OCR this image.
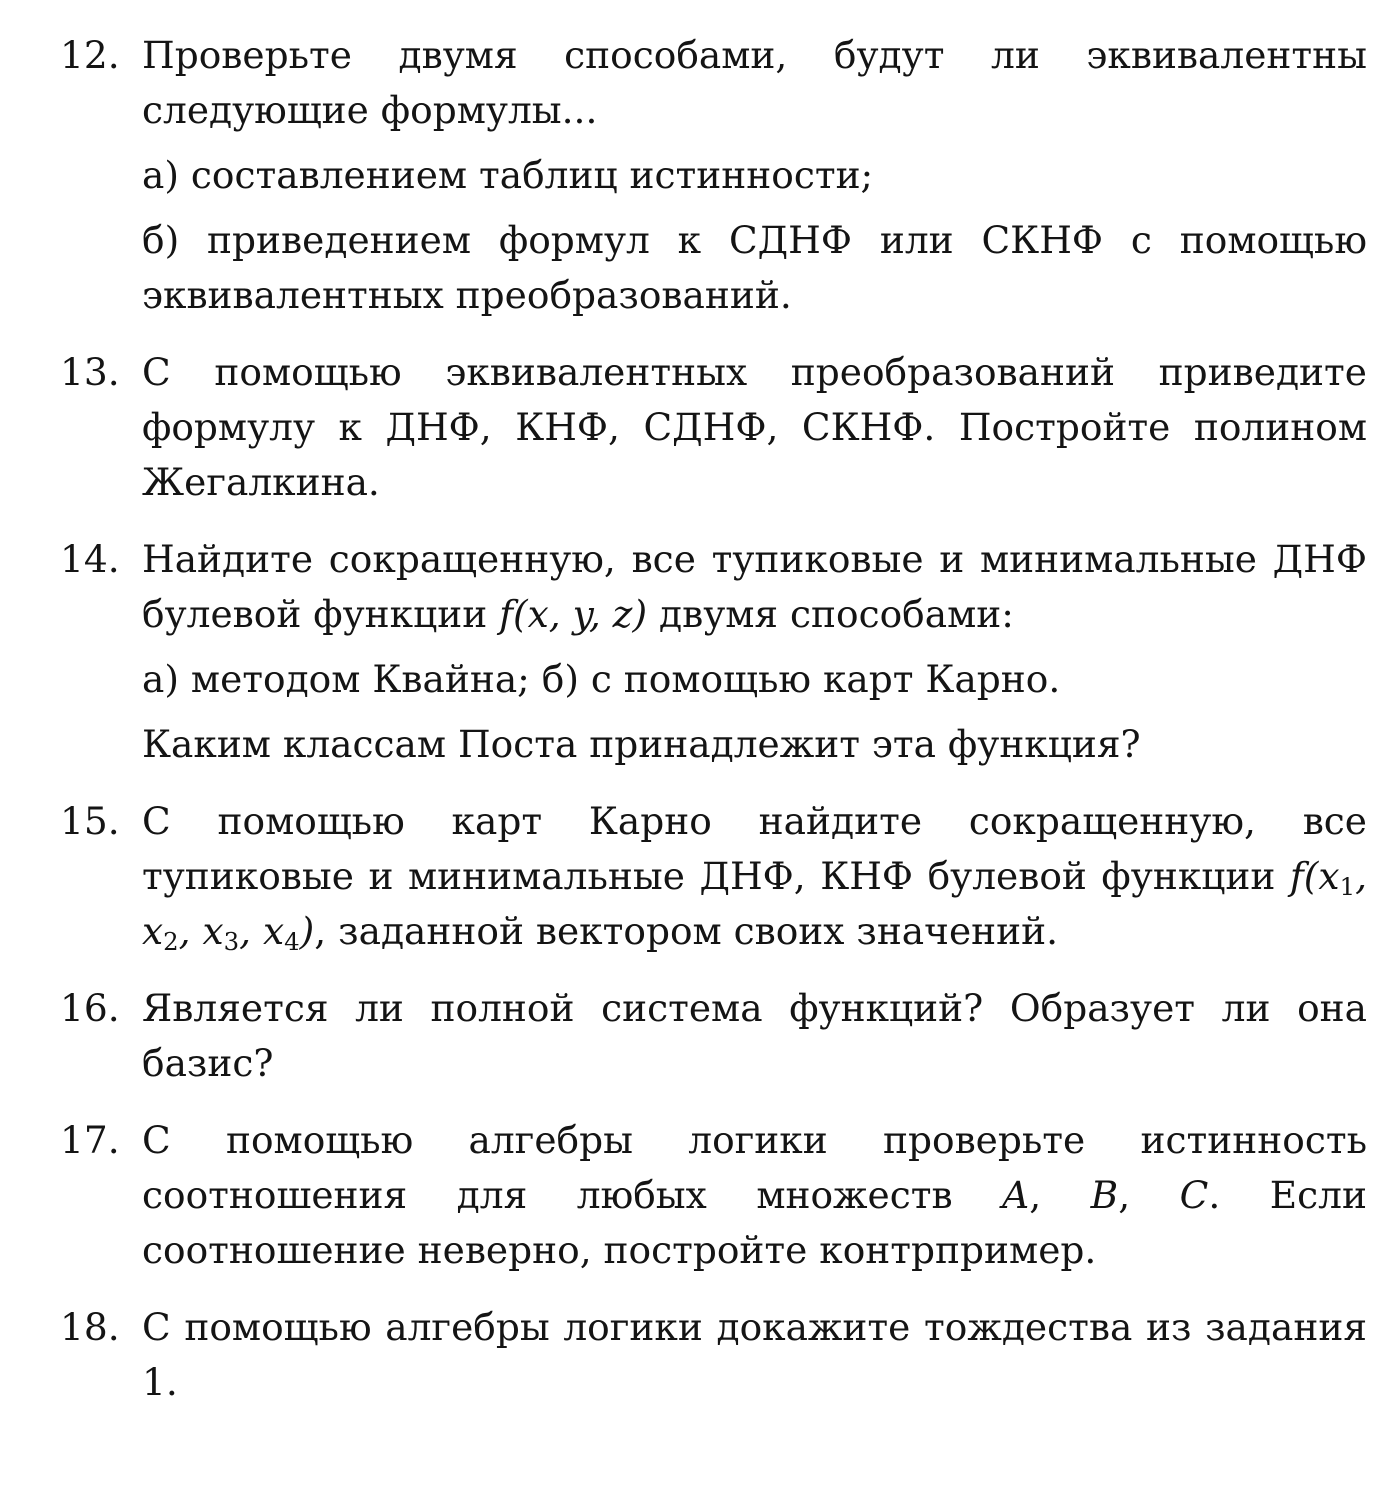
12. Проверьте двумя способами, будут ли эквивалентны следующие формулы...

а) составлением таблиц истинности;

б) приведением формул к СДНФ или СКНФ с помощью эквивалентных преобразований.

13. С помощью эквивалентных преобразований приведите формулу к ДНФ, КНФ, СДНФ, СКНФ. Постройте полином Жегалкина.

14. Найдите сокращенную, все тупиковые и минимальные ДНФ булевой функции f(x, y, z) двумя способами:

а) методом Квайна; б) с помощью карт Карно.

Каким классам Поста принадлежит эта функция?

15. С помощью карт Карно найдите сокращенную, все тупиковые и минимальные ДНФ, КНФ булевой функции $f(x_1$, $x_2$, $x_3$, $x_4$), заданной вектором своих значений.

16. Является ли полной система функций? Образует ли она базис?

17. С помощью алгебры логики проверьте истинность соотношения для любых множеств A, B, C. Если соотношение неверно, постройте контрпример.

18. С помощью алгебры логики докажите тождества из задания 1.
